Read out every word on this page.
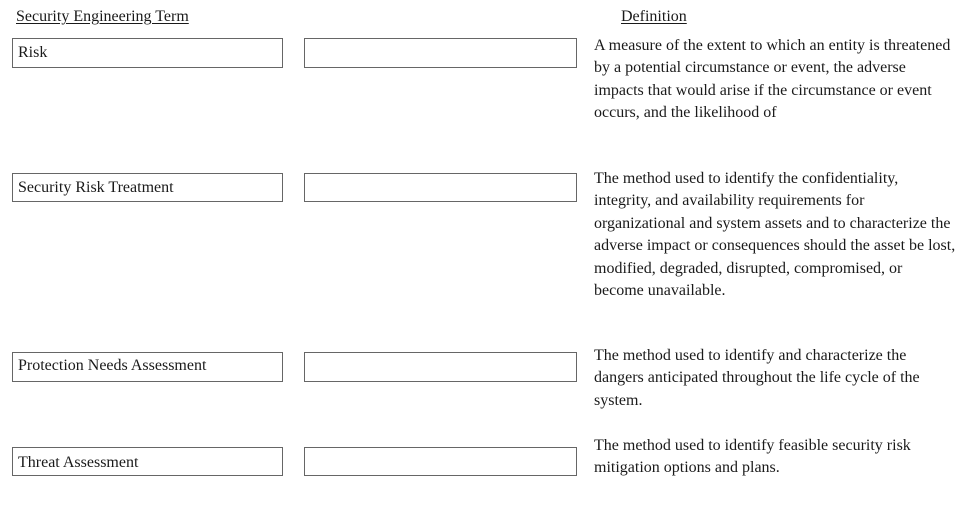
Security Engineering Term	Definition
Risk	A measure of the extent to which an entity is threatened by a potential circumstance or event, the adverse impacts that would arise if the circumstance or event occurs, and the likelihood of

Security Risk Treatment

The method used to identify the confidentiality, integrity, and availability requirements for organizational and system assets and to characterize the adverse impact or consequences should the asset be lost, modified, degraded, disrupted, compromised, or become unavailable.

Protection Needs Assessment

The method used to identify and characterize the dangers anticipated throughout the life cycle of the system.

Threat Assessment

The method used to identify feasible security risk mitigation options and plans.
